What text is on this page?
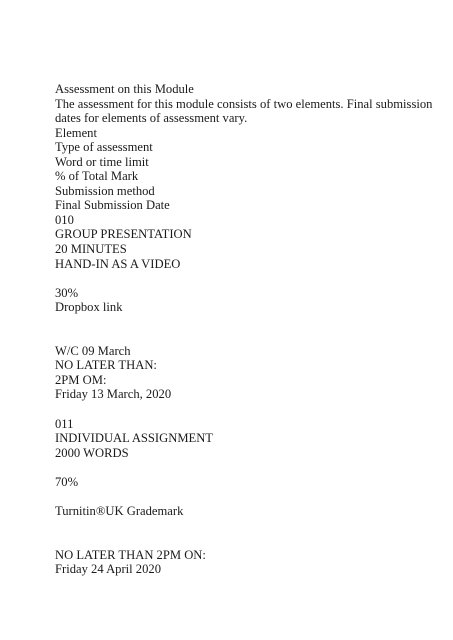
Assessment on this Module
The assessment for this module consists of two elements. Final submission dates for elements of assessment vary.
Element
Type of assessment
Word or time limit
% of Total Mark
Submission method
Final Submission Date
010
GROUP PRESENTATION
20 MINUTES
HAND-IN AS A VIDEO
30%
Dropbox link
W/C 09 March
NO LATER THAN:
2PM OM:
Friday 13 March, 2020
011
INDIVIDUAL ASSIGNMENT
2000 WORDS
70%
Turnitin®UK Grademark
NO LATER THAN 2PM ON:
Friday 24 April 2020
